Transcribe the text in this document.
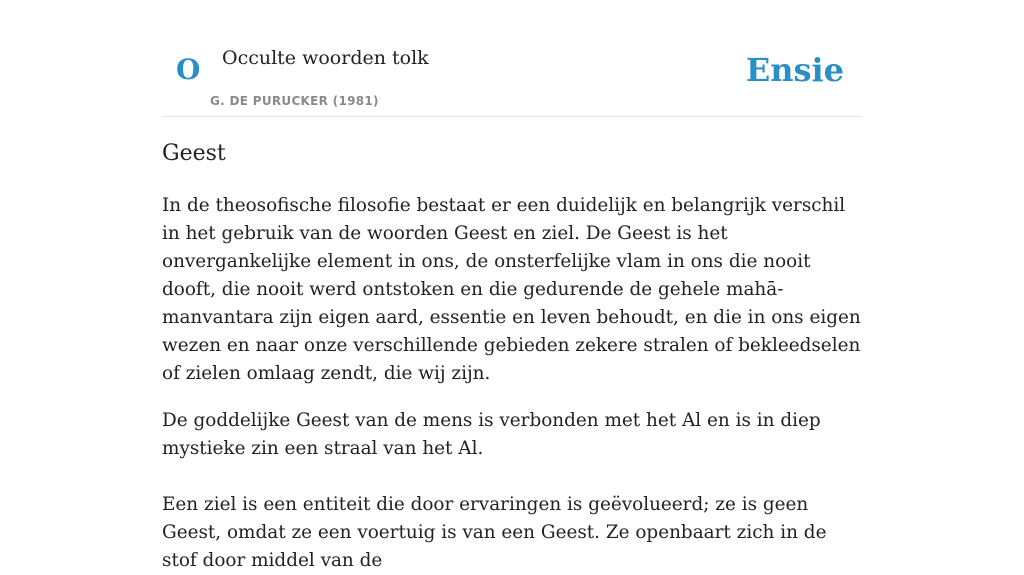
O Occulte woorden tolk
G. DE PURUCKER (1981)
Ensie
Geest

In de theosofische filosofie bestaat er een duidelijk en belangrijk verschil in het gebruik van de woorden Geest en ziel. De Geest is het onvergankelijke element in ons, de onsterfelijke vlam in ons die nooit dooft, die nooit werd ontstoken en die gedurende de gehele mahā-manvantara zijn eigen aard, essentie en leven behoudt, en die in ons eigen wezen en naar onze verschillende gebieden zekere stralen of bekleedselen of zielen omlaag zendt, die wij zijn.

De goddelijke Geest van de mens is verbonden met het Al en is in diep mystieke zin een straal van het Al.

Een ziel is een entiteit die door ervaringen is geëvolueerd; ze is geen Geest, omdat ze een voertuig is van een Geest. Ze openbaart zich in de stof door middel van de
